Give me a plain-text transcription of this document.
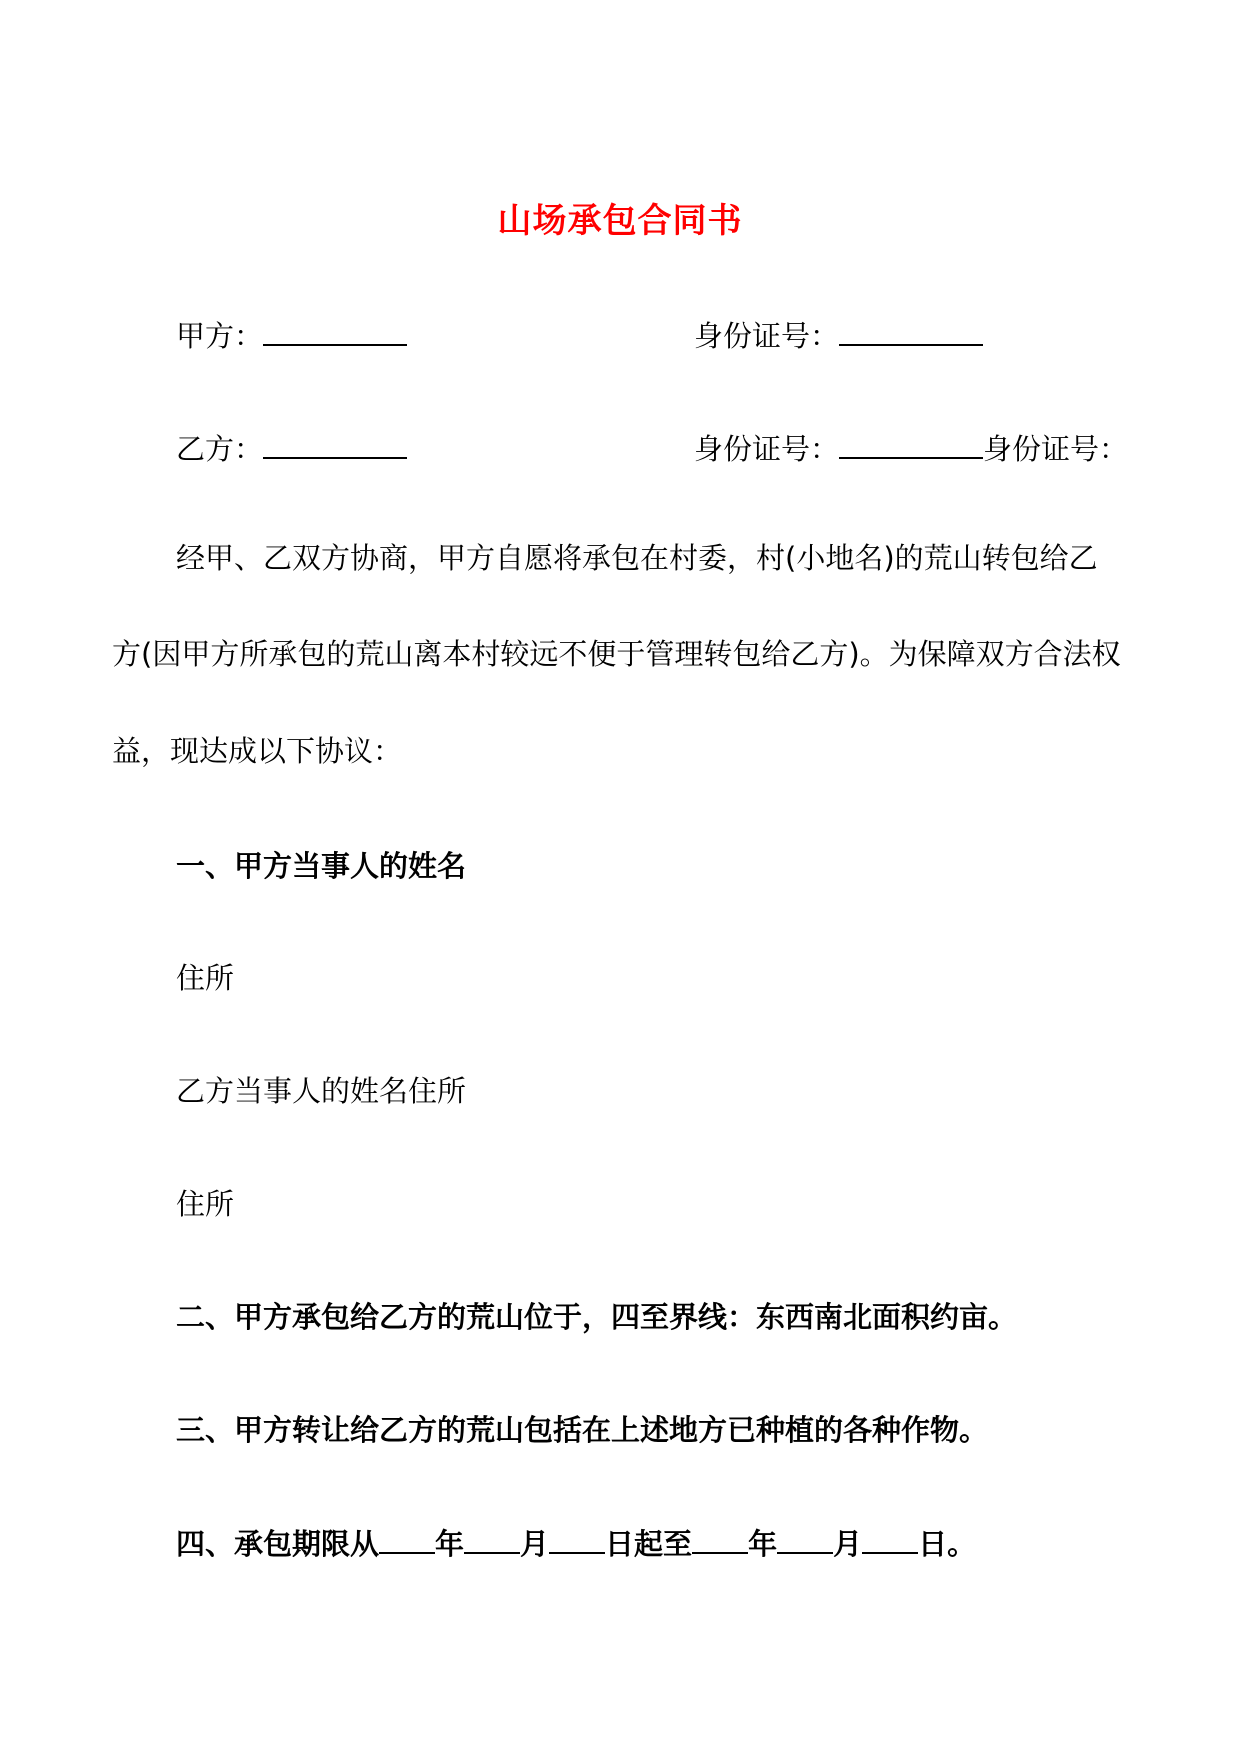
山场承包合同书
甲方：	身份证号：
乙方：	身份证号：	身份证号：
经甲、乙双方协商，甲方自愿将承包在村委，村(小地名)的荒山转包给乙
方(因甲方所承包的荒山离本村较远不便于管理转包给乙方)。为保障双方合法权
益，现达成以下协议：
一、甲方当事人的姓名
住所
乙方当事人的姓名住所
住所
二、甲方承包给乙方的荒山位于，四至界线：东西南北面积约亩。
三、甲方转让给乙方的荒山包括在上述地方已种植的各种作物。
四、承包期限从 年 月 日起至 年 月 日。
